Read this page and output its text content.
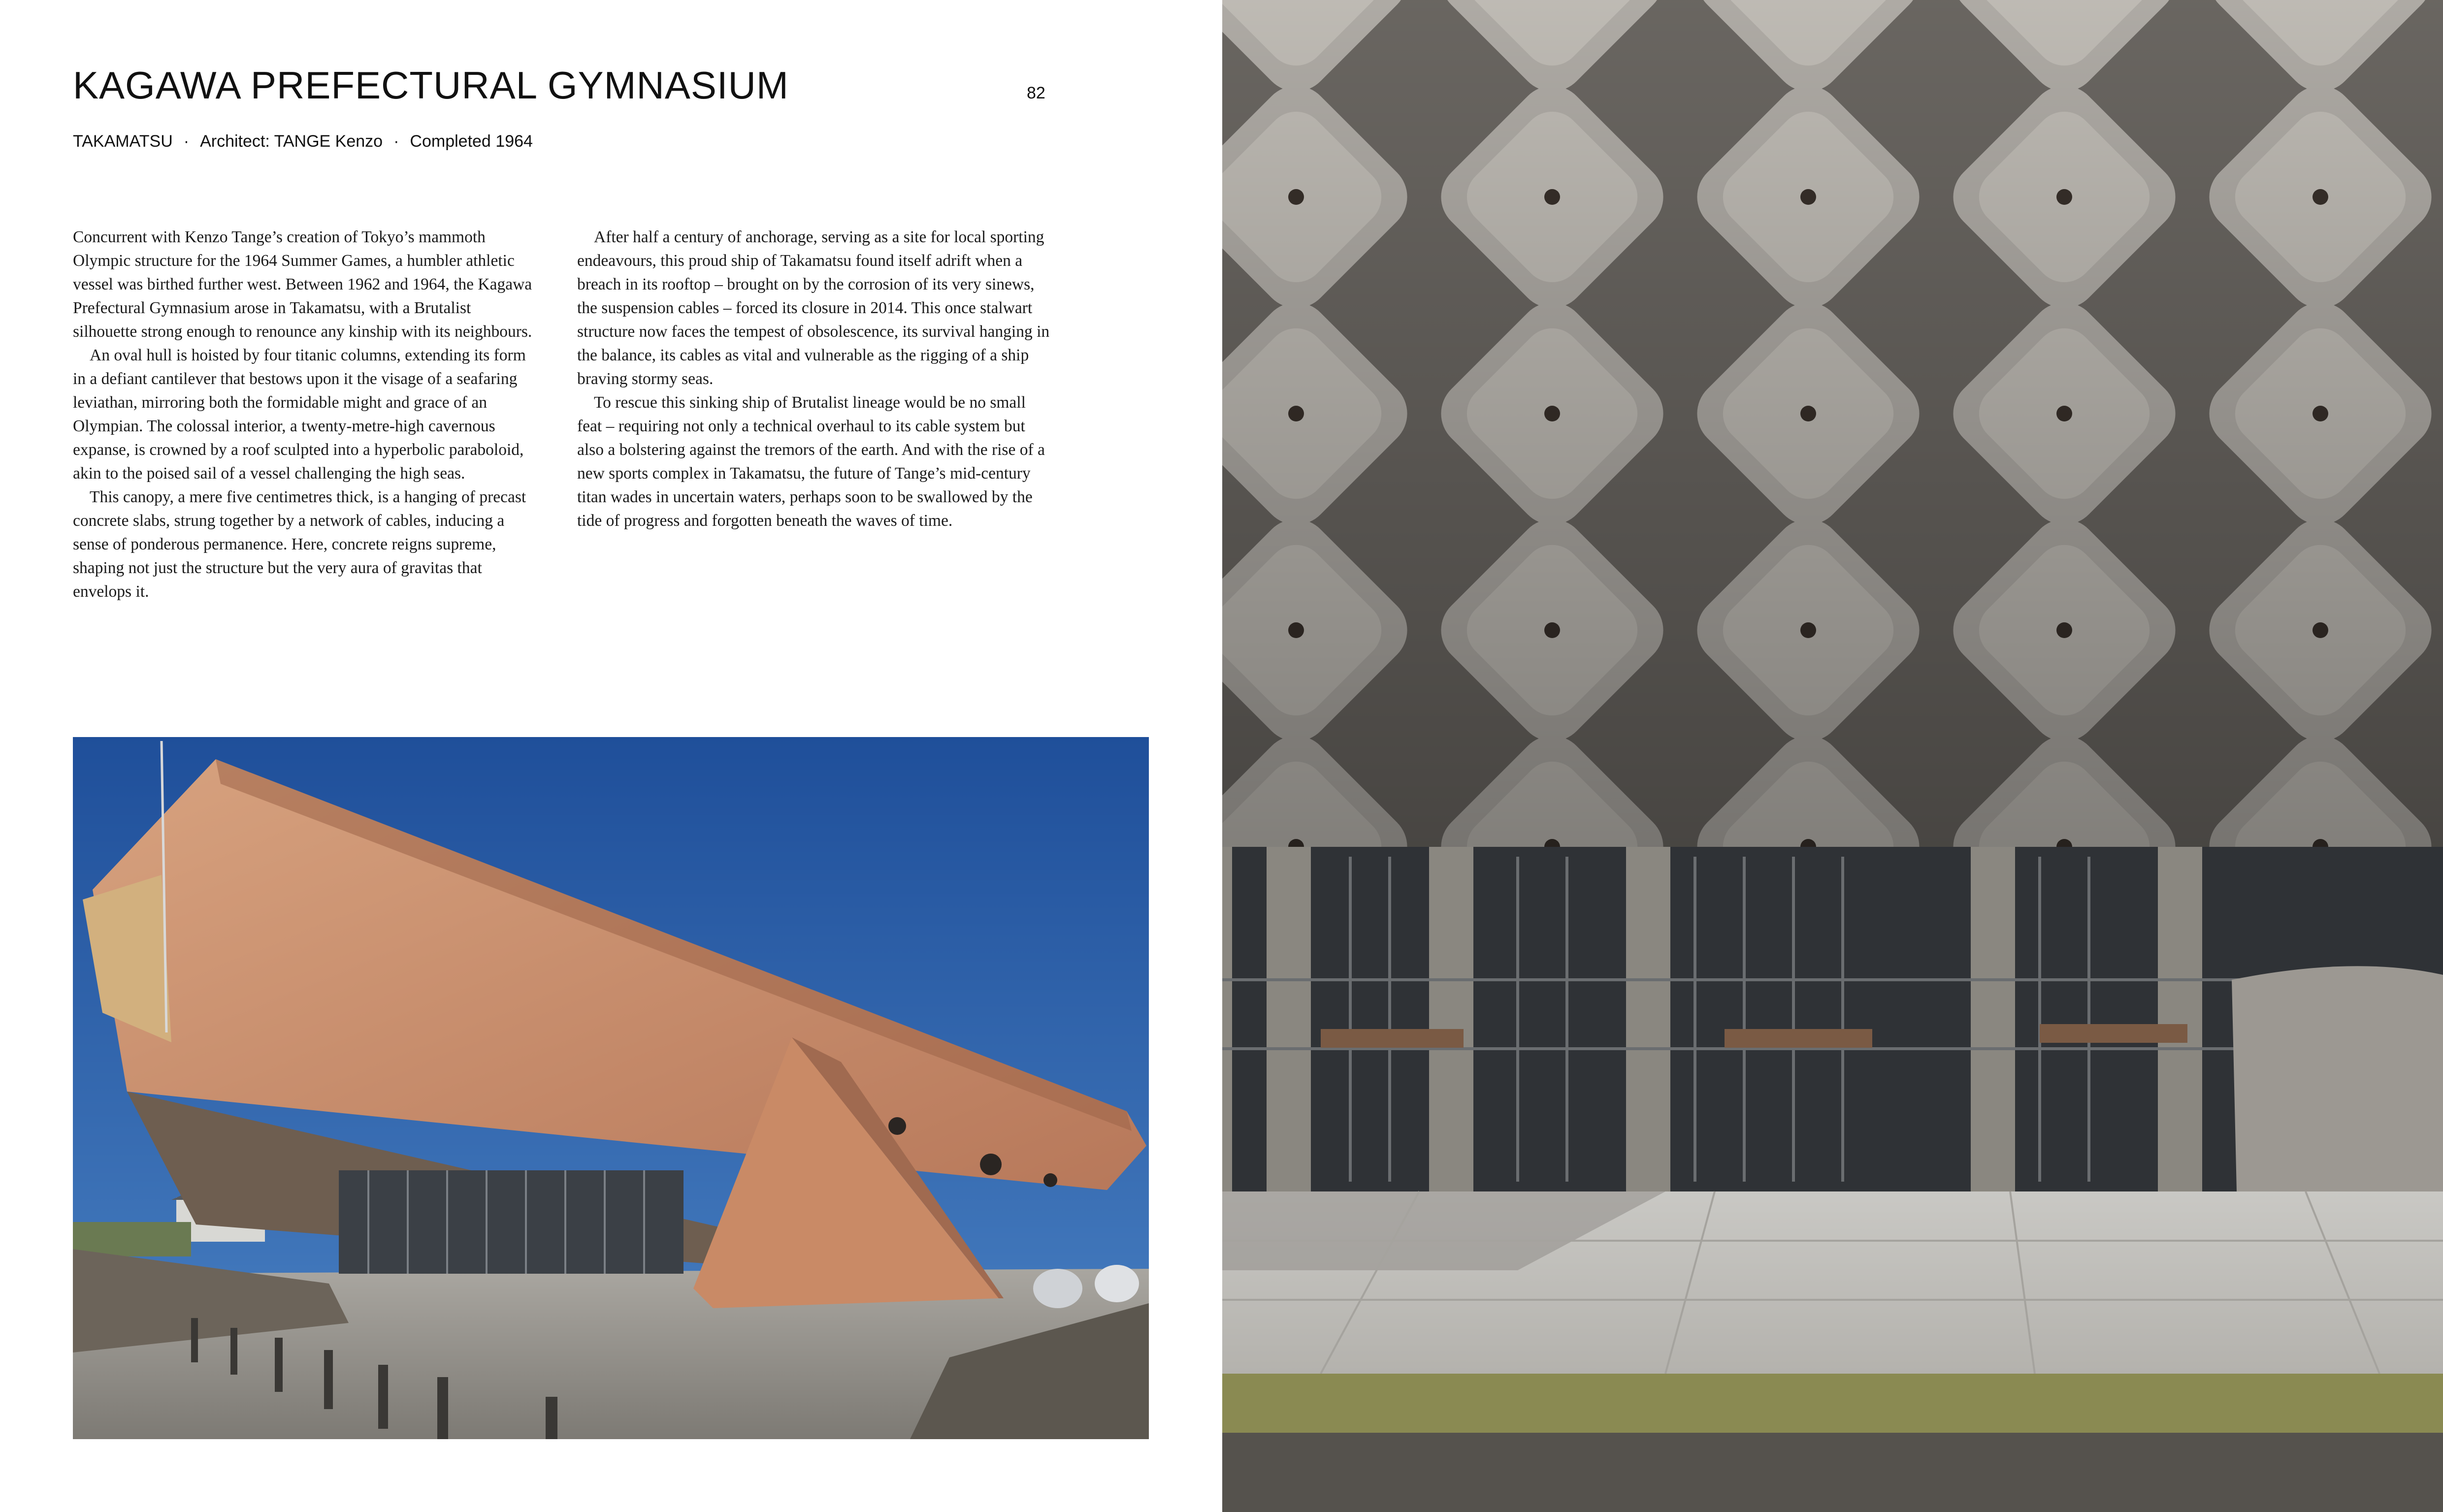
KAGAWA PREFECTURAL GYMNASIUM	82
TAKAMATSU · Architect: TANGE Kenzo · Completed 1964

Concurrent with Kenzo Tange’s creation of Tokyo’s mammoth Olympic structure for the 1964 Summer Games, a humbler athletic vessel was birthed further west. Between 1962 and 1964, the Kagawa Prefectural Gymnasium arose in Takamatsu, with a Brutalist silhouette strong enough to renounce any kinship with its neighbours.

An oval hull is hoisted by four titanic columns, extending its form in a defiant cantilever that bestows upon it the visage of a seafaring leviathan, mirroring both the formidable might and grace of an Olympian. The colossal interior, a twenty-metre-high cavernous expanse, is crowned by a roof sculpted into a hyperbolic paraboloid, akin to the poised sail of a vessel challenging the high seas.

This canopy, a mere five centimetres thick, is a hanging of precast concrete slabs, strung together by a network of cables, inducing a sense of ponderous permanence. Here, concrete reigns supreme, shaping not just the structure but the very aura of gravitas that envelops it.

After half a century of anchorage, serving as a site for local sporting endeavours, this proud ship of Takamatsu found itself adrift when a breach in its rooftop – brought on by the corrosion of its very sinews, the suspension cables – forced its closure in 2014. This once stalwart structure now faces the tempest of obsolescence, its survival hanging in the balance, its cables as vital and vulnerable as the rigging of a ship braving stormy seas.

To rescue this sinking ship of Brutalist lineage would be no small feat – requiring not only a technical overhaul to its cable system but also a bolstering against the tremors of the earth. And with the rise of a new sports complex in Takamatsu, the future of Tange’s mid-century titan wades in uncertain waters, perhaps soon to be swallowed by the tide of progress and forgotten beneath the waves of time.
